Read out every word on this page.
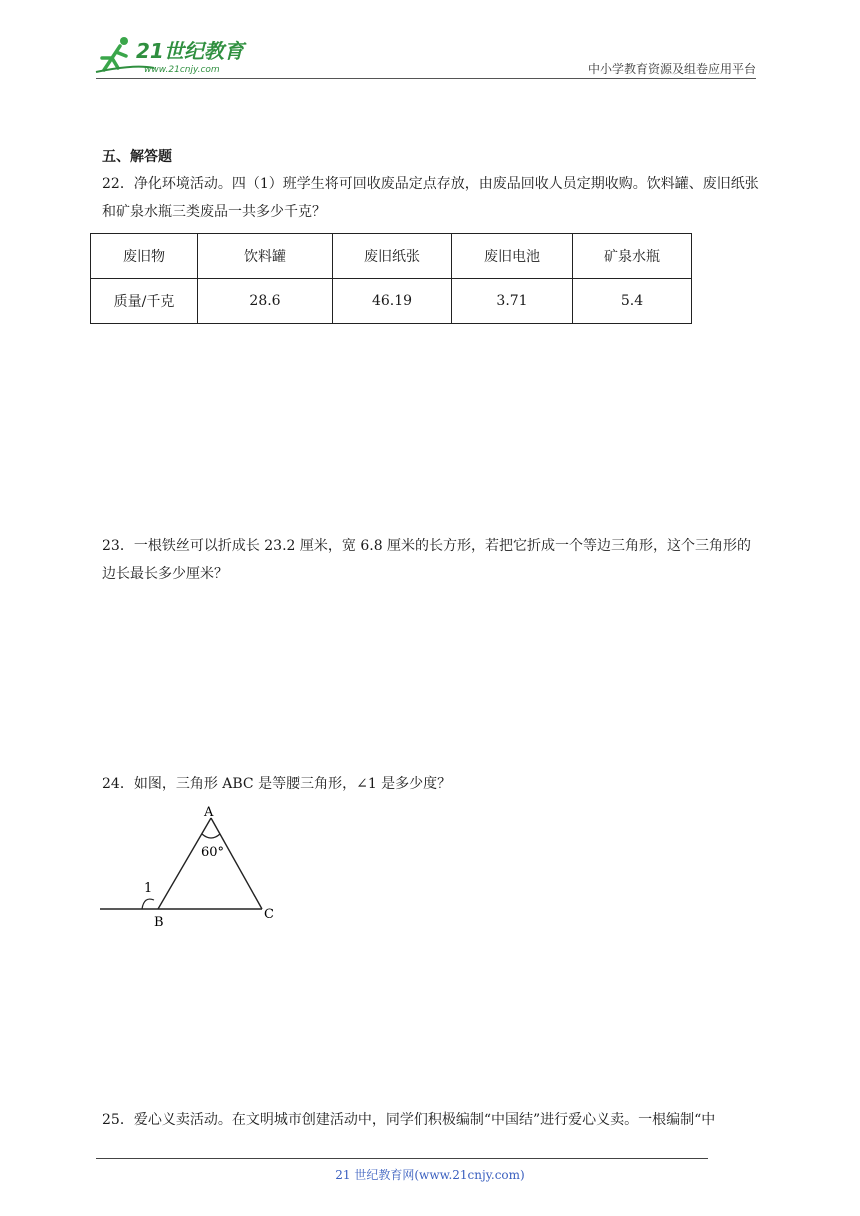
21世纪教育
www.21cnjy.com	中小学教育资源及组卷应用平台
五、解答题
22．净化环境活动。四（1）班学生将可回收废品定点存放，由废品回收人员定期收购。饮料罐、废旧纸张和矿泉水瓶三类废品一共多少千克？
废旧物	饮料罐	废旧纸张	废旧电池	矿泉水瓶
质量/千克	28.6	46.19	3.71	5.4
23．一根铁丝可以折成长 23.2 厘米，宽 6.8 厘米的长方形，若把它折成一个等边三角形，这个三角形的边长最长多少厘米？
24．如图，三角形 ABC 是等腰三角形，∠1 是多少度？
A
B
C
60°
1
25．爱心义卖活动。在文明城市创建活动中，同学们积极编制“中国结”进行爱心义卖。一根编制“中
21 世纪教育网(www.21cnjy.com)
